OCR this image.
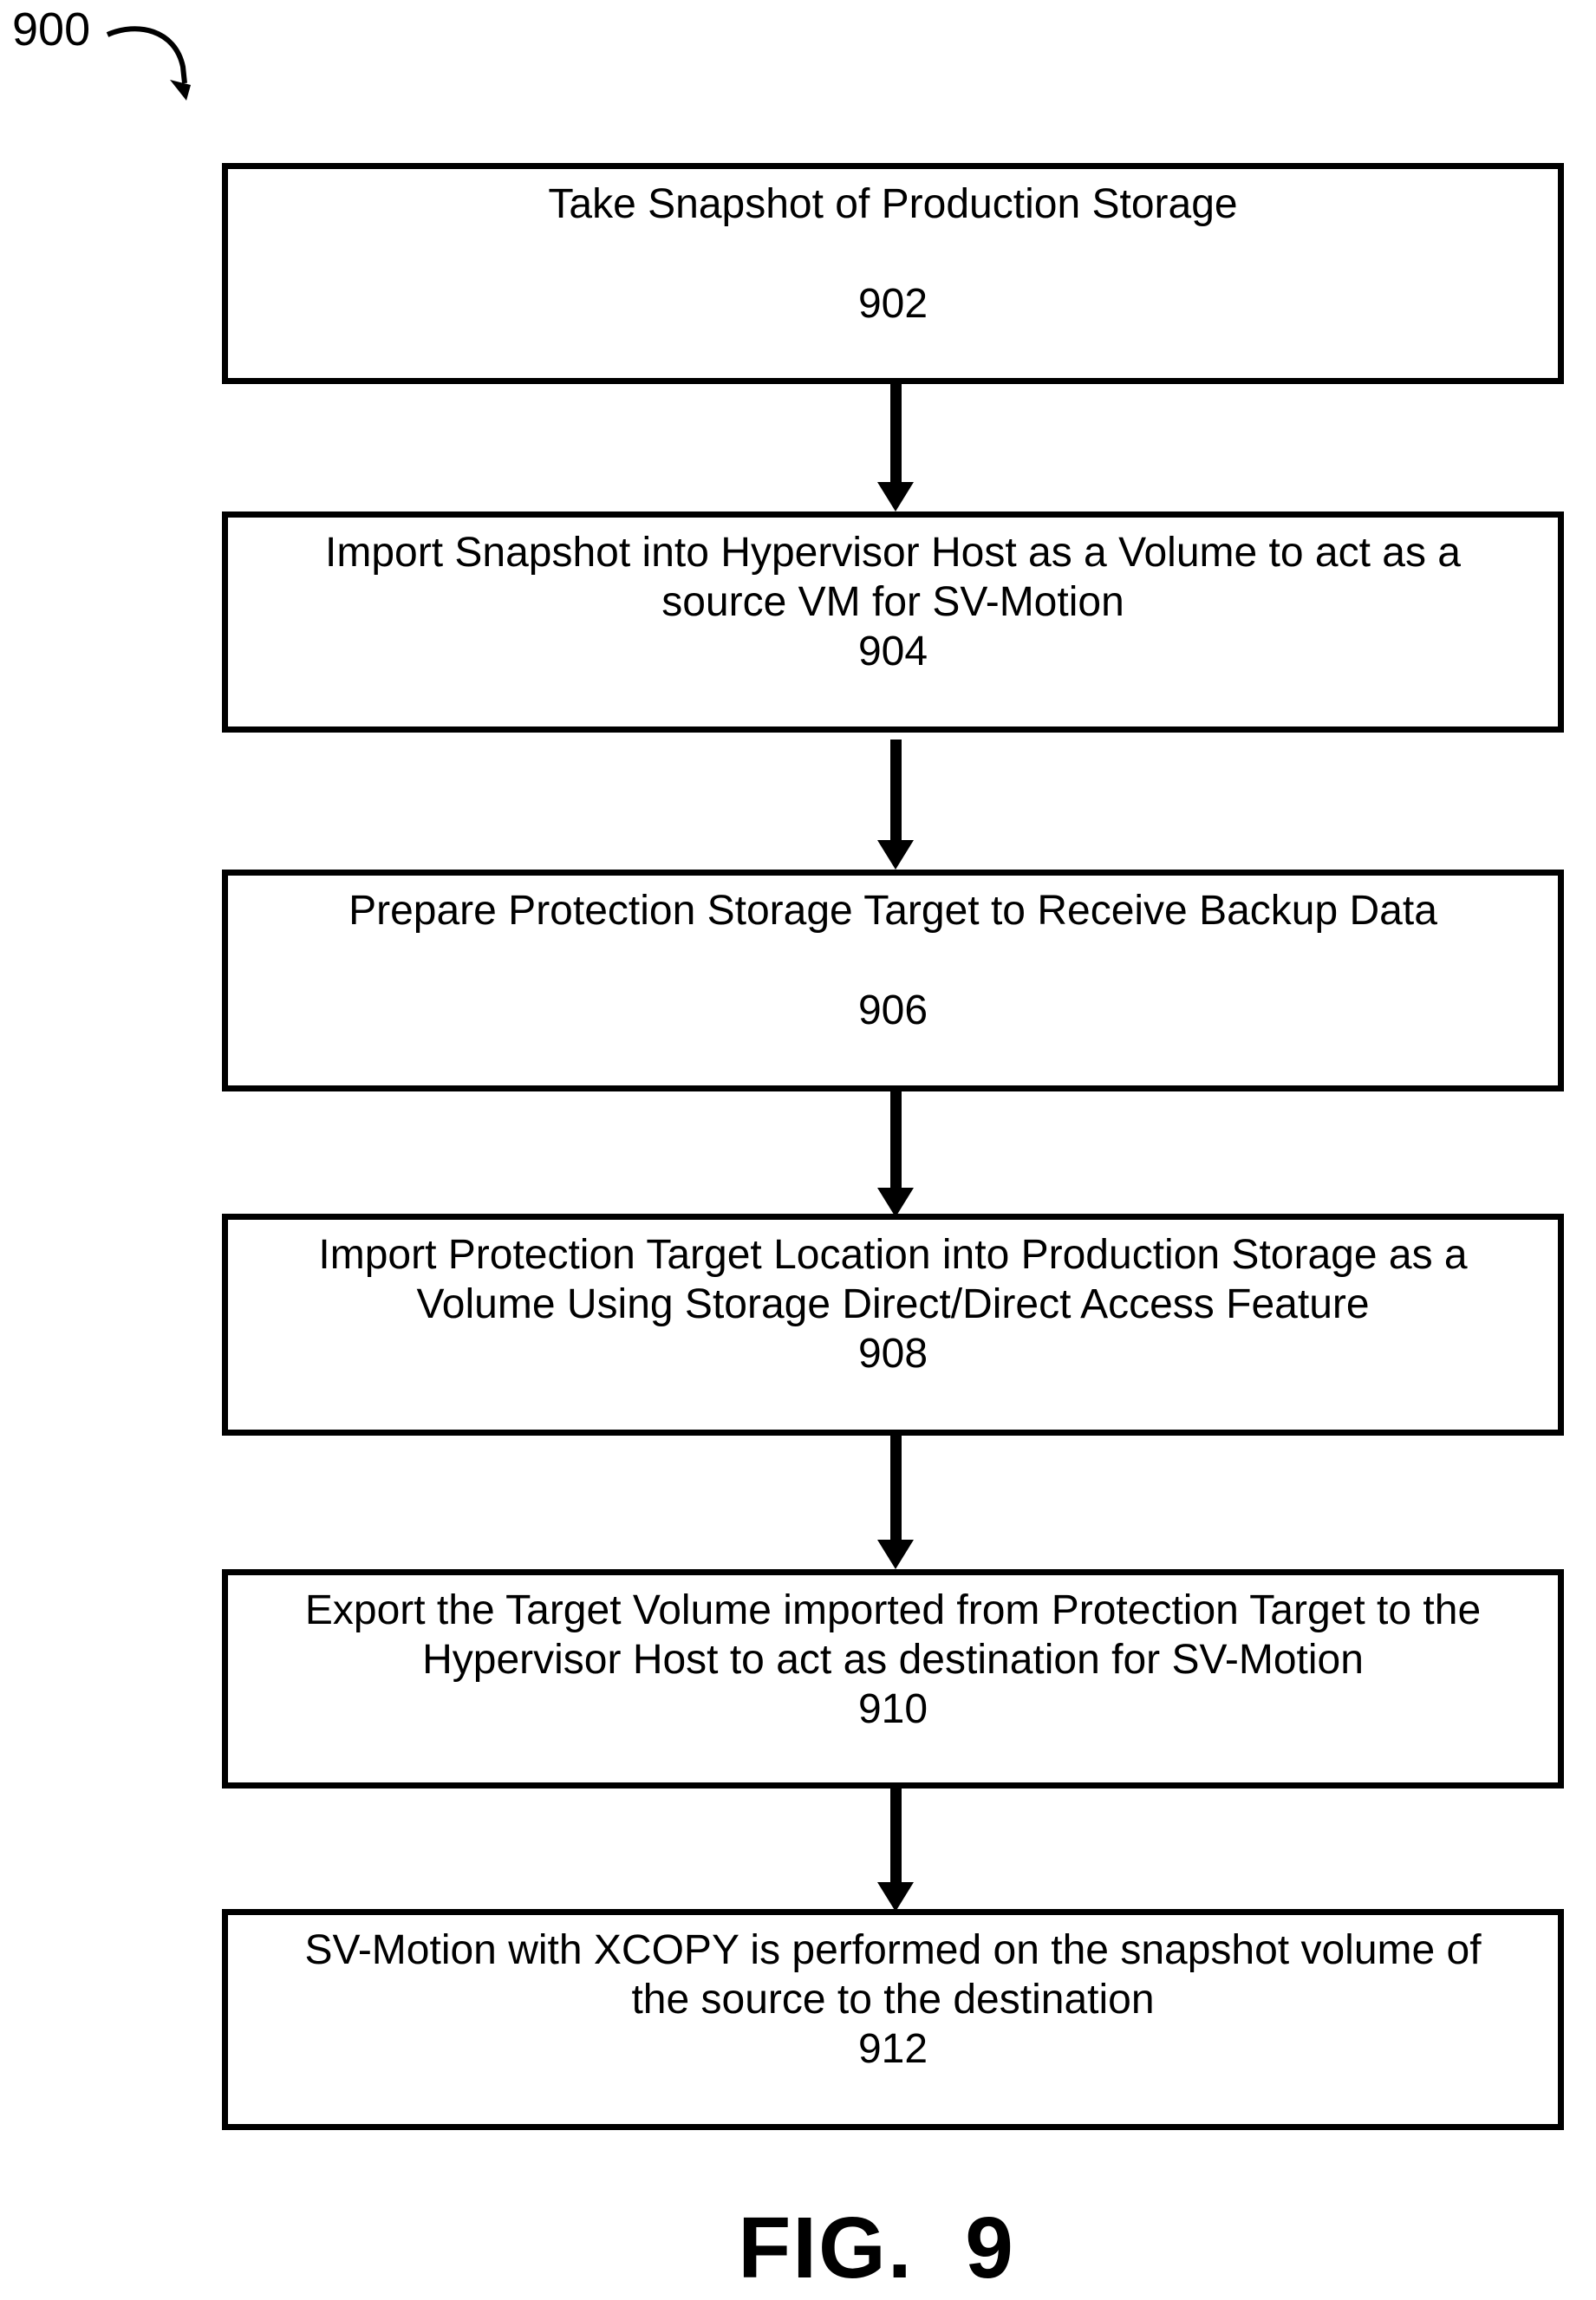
900
Take Snapshot of Production Storage
902
Import Snapshot into Hypervisor Host as a Volume to act as a
source VM for SV-Motion
904
Prepare Protection Storage Target to Receive Backup Data
906
Import Protection Target Location into Production Storage as a
Volume Using Storage Direct/Direct Access Feature
908
Export the Target Volume imported from Protection Target to the
Hypervisor Host to act as destination for SV-Motion
910
SV-Motion with XCOPY is performed on the snapshot volume of
the source to the destination
912
FIG.  9
